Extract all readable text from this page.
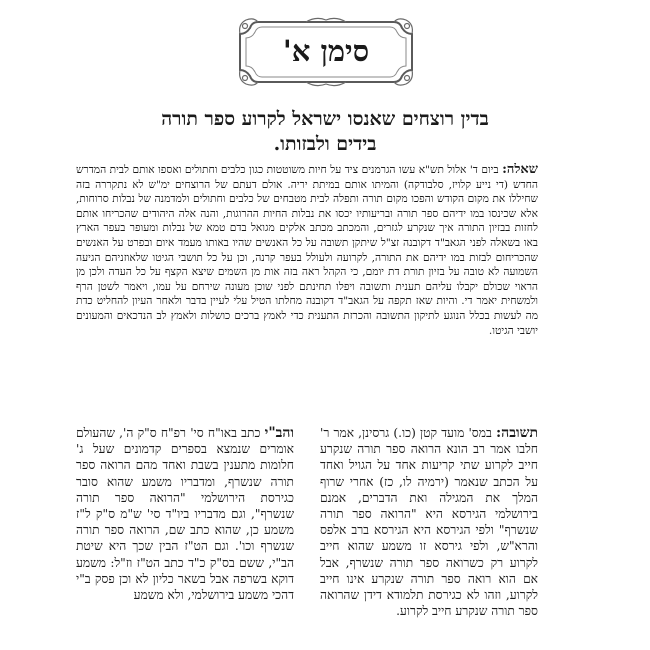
סימן א'
בדין רוצחים שאנסו ישראל לקרוע ספר תורה
בידים ולבזותו.
שאלה: ביום ד' אלול תש"א עשו הגרמנים ציד על חיות משוטטות כגון כלבים וחתולים ואספו אותם לבית המדרש החדש (די נייע קלויז, סלבודקה) והמיתו אותם במיתת יריה. אולם דעתם של הרוצחים ימ"ש לא נתקררה בזה שחיללו את מקום הקודש והפכו מקום תורה ותפלה לבית מטבחים של כלבים וחתולים ולמדמנה של נבלות סרוחות, אלא שכינסו במו ידיהם ספר תורה ובריעותיו יכסו את נבלות החיות ההרוגות, והנה אלה היהודים שהכריחו אותם לחזות בבזיון התורה איך שנקרע לגזרים, והמכתב מכתב אלקים מגואל בדם טמא של נבלות ומעופר בעפר הארץ באו בשאלה לפני הגאב"ד דקובנה זצ"ל שיתקן תשובה על כל האנשים שהיו באותו מעמד איום ובפרט על האנשים שהכריחום לבזות במו ידיהם את התורה, לקרועה ולעולל בעפר קרנה, וכן על כל תושבי הגיטו שלאוזניהם הגיעה השמועה לא טובה על בזיון תורת דת יומם, כי הקהל ראה בזה אות מן השמים שיצא הקצף על כל העדה ולכן מן הראוי שכולם יקבלו עליהם תענית ותשובה ויפלו תחינתם לפני שוכן מעונה שירחם על עמו, ויאמר לשטן הרף ולמשחית יאמר די. והיות שאז תקפה על הגאב"ד דקובנה מחלתו הטיל עלי לעיין בדבר ולאחר העיון להחליט כדת מה לעשות בכלל הנוגע לתיקון התשובה והכרזת התענית כדי לאמץ ברכים כושלות ולאמץ לב הנדכאים והמעונים יושבי הגיטו.
תשובה: במס' מועד קטן (כו.) גרסינן, אמר ר' חלבו אמר רב הונא הרואה ספר תורה שנקרע חייב לקרוע שתי קריעות אחד על הגויל ואחד על הכתב שנאמר (ירמיה לו, כז) אחרי שרוף המלך את המגילה ואת הדברים, אמנם בירושלמי הגירסא היא "הרואה ספר תורה שנשרף" ולפי הגירסא היא הגירסא ברב אלפס והרא"ש, ולפי גירסא זו משמע שהוא חייב לקרוע רק כשרואה ספר תורה שנשרף, אבל אם הוא רואה ספר תורה שנקרע אינו חייב לקרוע, וזהו לא כגירסת תלמודא דידן שהרואה ספר תורה שנקרע חייב לקרוע.
והב"י כתב באו"ח סי' רפ"ח ס"ק ה', שהעולם אומרים שנמצא בספרים קדמונים שעל ג' חלומות מתענין בשבת ואחד מהם הרואה ספר תורה שנשרף, ומדבריו משמע שהוא סובר כגירסת הירושלמי "הרואה ספר תורה שנשרף", וגם מדבריו ביו"ד סי' ש"מ ס"ק ל"ז משמע כן, שהוא כתב שם, הרואה ספר תורה שנשרף וכו'. וגם הט"ז הבין שכך היא שיטת הב"י, ששם בס"ק כ"ד כתב הט"ז וז"ל: משמע דוקא בשרפה אבל בשאר כליון לא וכן פסק ב"י דהכי משמע בירושלמי, ולא משמע
